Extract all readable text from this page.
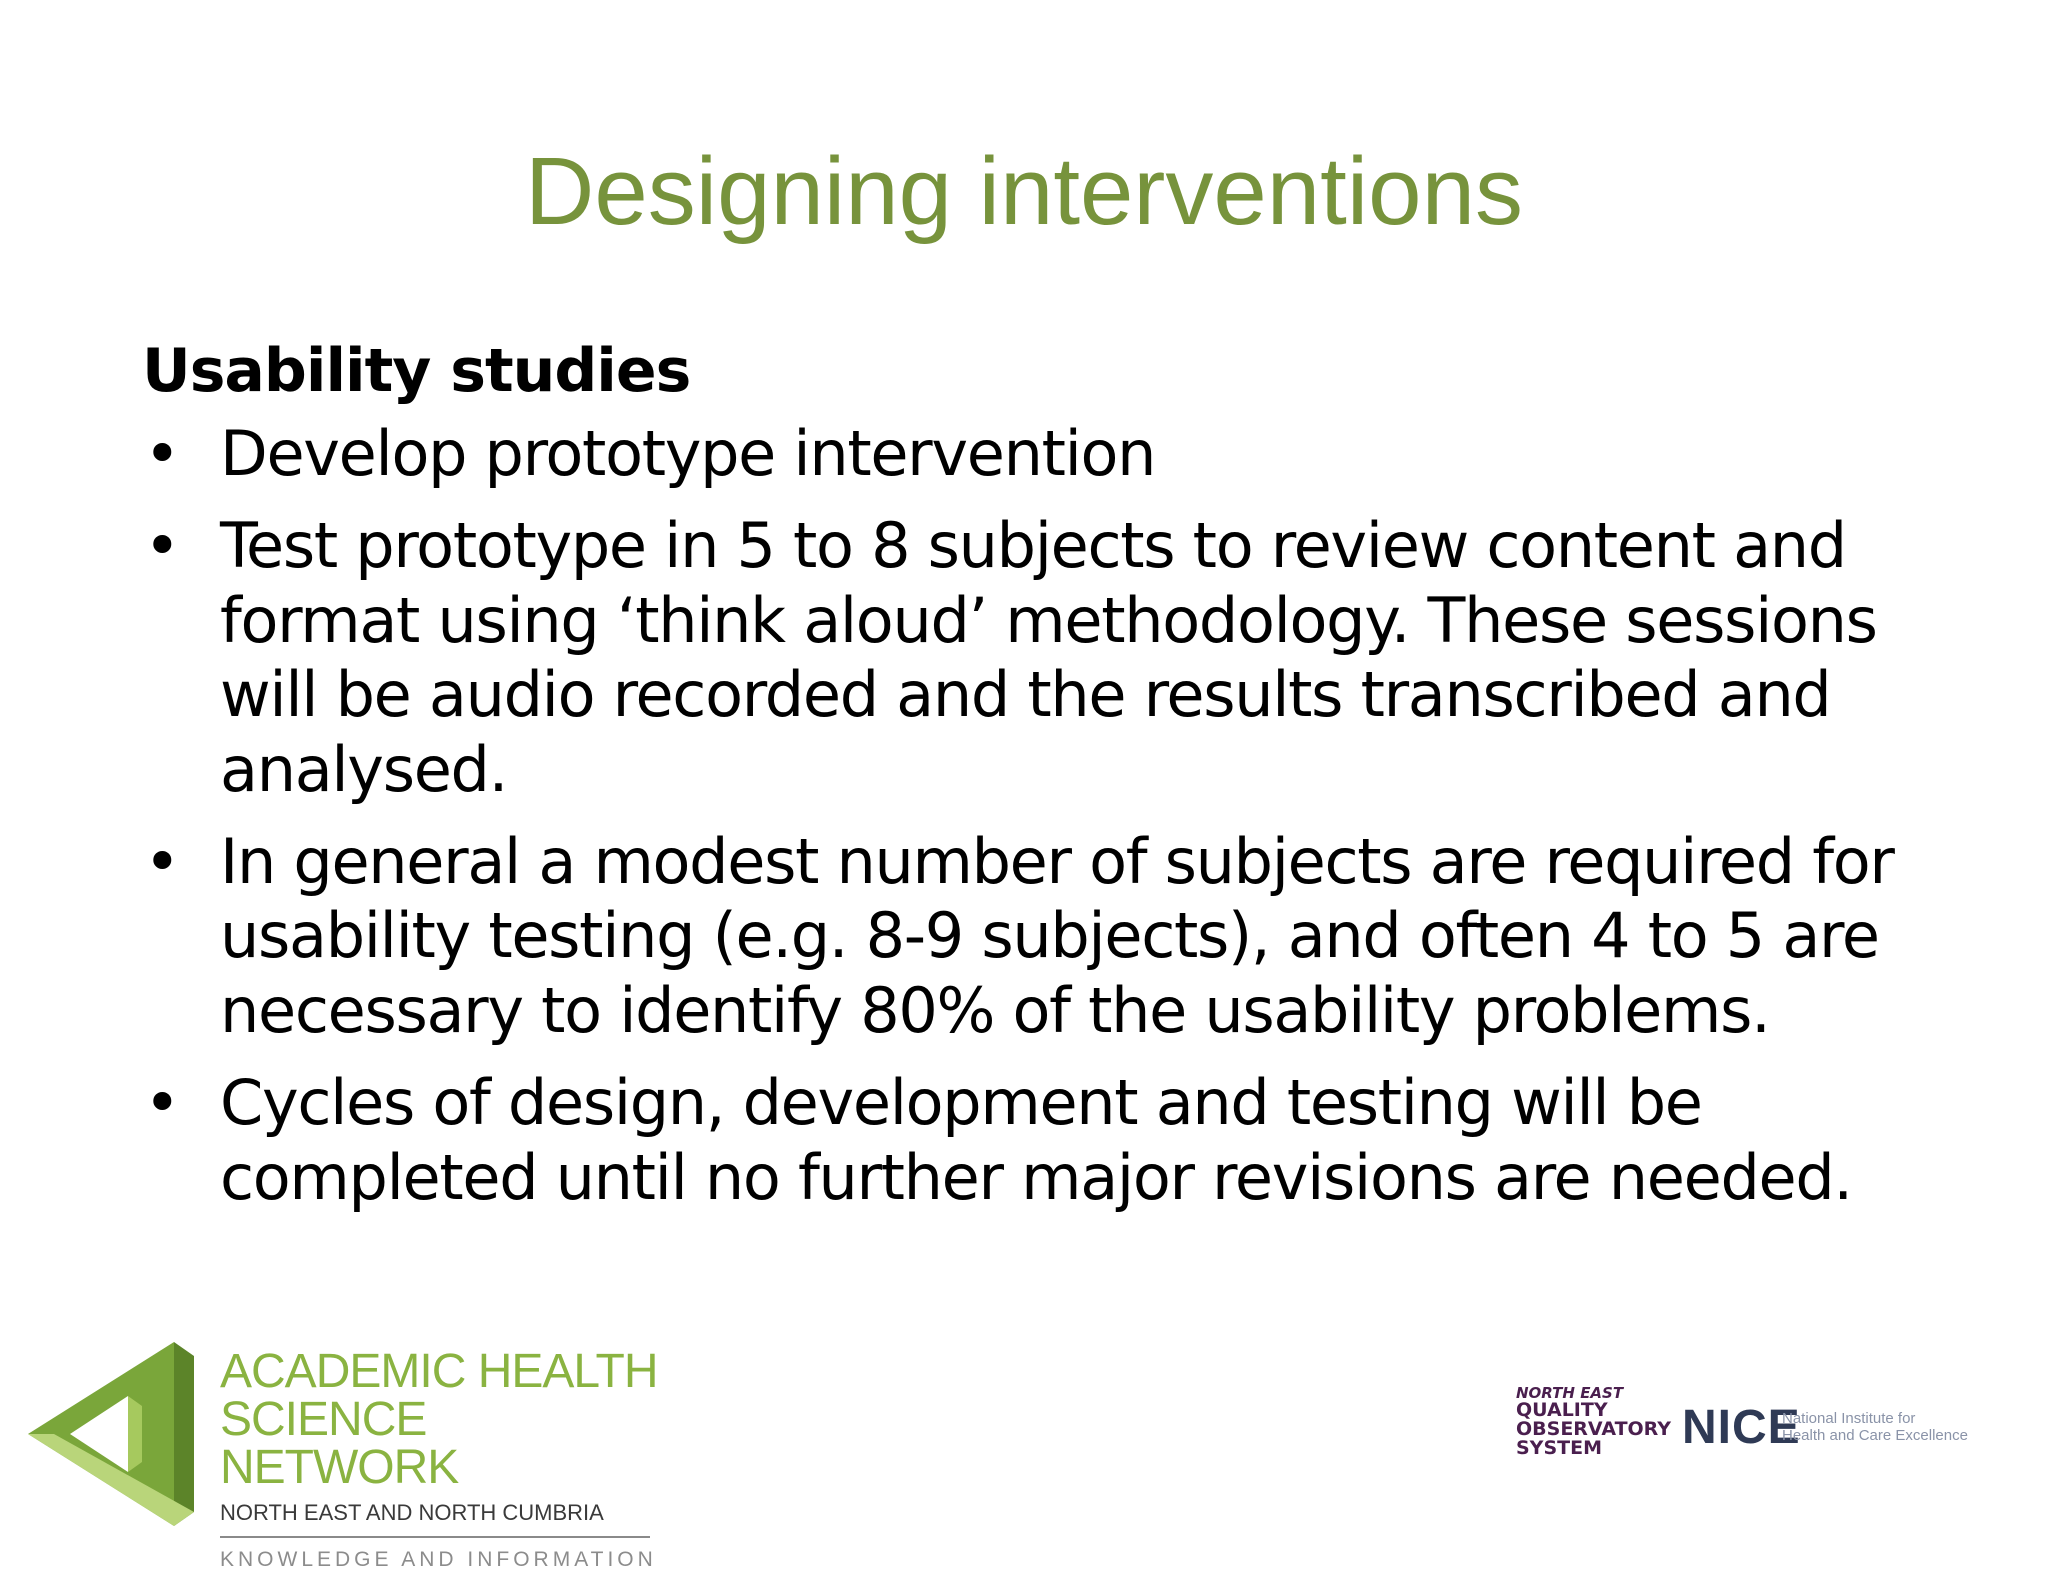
Designing interventions
Usability studies
• Develop prototype intervention
• Test prototype in 5 to 8 subjects to review content and format using ‘think aloud’ methodology. These sessions will be audio recorded and the results transcribed and analysed.
• In general a modest number of subjects are required for usability testing (e.g. 8-9 subjects), and often 4 to 5 are necessary to identify 80% of the usability problems.
• Cycles of design, development and testing will be completed until no further major revisions are needed.
ACADEMIC HEALTH
SCIENCE NETWORK
NORTH EAST AND NORTH CUMBRIA
KNOWLEDGE AND INFORMATION
NORTH EAST
QUALITY
OBSERVATORY
SYSTEM	NICE
National Institute for
Health and Care Excellence
